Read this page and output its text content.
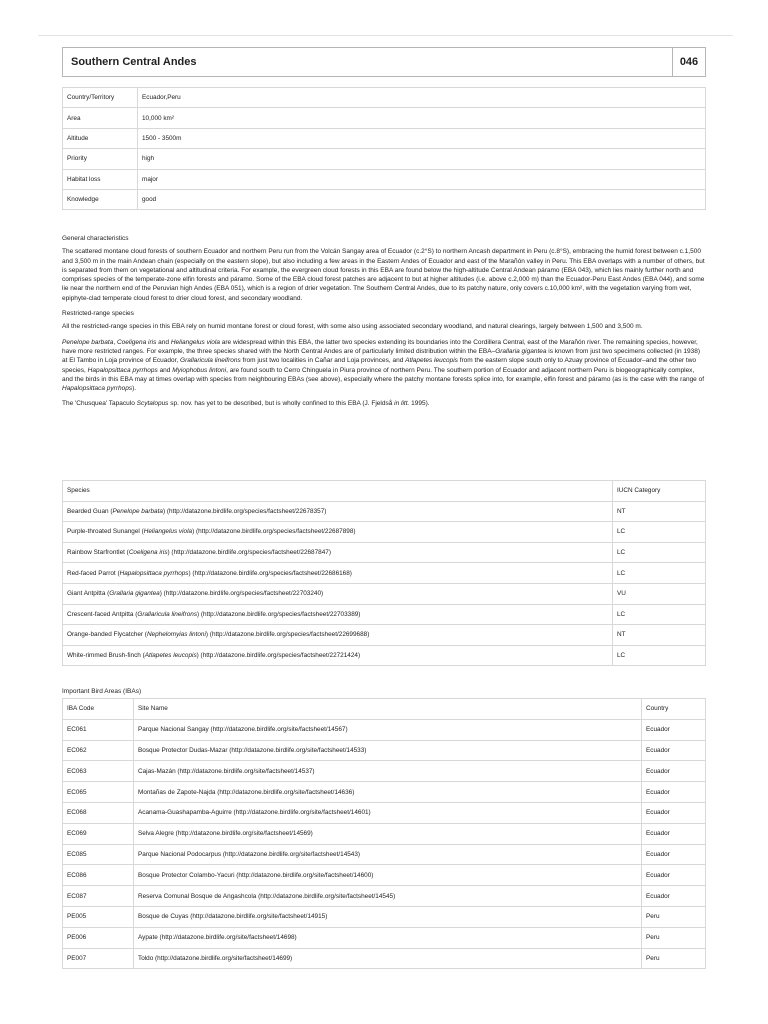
Southern Central Andes	046
Country/Territory	Ecuador,Peru
Area	10,000 km²
Altitude	1500 - 3500m
Priority	high
Habitat loss	major
Knowledge	good

General characteristics

The scattered montane cloud forests of southern Ecuador and northern Peru run from the Volcán Sangay area of Ecuador (c.2°S) to northern Ancash department in Peru (c.8°S), embracing the humid forest between c.1,500 and 3,500 m in the main Andean chain (especially on the eastern slope), but also including a few areas in the Eastern Andes of Ecuador and east of the Marañón valley in Peru. This EBA overlaps with a number of others, but is separated from them on vegetational and altitudinal criteria. For example, the evergreen cloud forests in this EBA are found below the high-altitude Central Andean páramo (EBA 043), which lies mainly further north and comprises species of the temperate-zone elfin forests and páramo. Some of the EBA cloud forest patches are adjacent to but at higher altitudes (i.e. above c.2,000 m) than the Ecuador-Peru East Andes (EBA 044), and some lie near the northern end of the Peruvian high Andes (EBA 051), which is a region of drier vegetation. The Southern Central Andes, due to its patchy nature, only covers c.10,000 km², with the vegetation varying from wet, epiphyte-clad temperate cloud forest to drier cloud forest, and secondary woodland.

Restricted-range species

All the restricted-range species in this EBA rely on humid montane forest or cloud forest, with some also using associated secondary woodland, and natural clearings, largely between 1,500 and 3,500 m.

Penelope barbata, Coeligena iris and Heliangelus viola are widespread within this EBA, the latter two species extending its boundaries into the Cordillera Central, east of the Marañón river. The remaining species, however, have more restricted ranges. For example, the three species shared with the North Central Andes are of particularly limited distribution within the EBA–Grallaria gigantea is known from just two specimens collected (in 1938) at El Tambo in Loja province of Ecuador, Grallaricula lineifrons from just two localities in Cañar and Loja provinces, and Atlapetes leucopis from the eastern slope south only to Azuay province of Ecuador–and the other two species, Hapalopsittaca pyrrhops and Myiophobus lintoni, are found south to Cerro Chinguela in Piura province of northern Peru. The southern portion of Ecuador and adjacent northern Peru is biogeographically complex, and the birds in this EBA may at times overlap with species from neighbouring EBAs (see above), especially where the patchy montane forests splice into, for example, elfin forest and páramo (as is the case with the range of Hapalopsittaca pyrrhops).

The 'Chusquea' Tapaculo Scytalopus sp. nov. has yet to be described, but is wholly confined to this EBA (J. Fjeldså in litt. 1995).

Species	IUCN Category
Bearded Guan (Penelope barbata) (http://datazone.birdlife.org/species/factsheet/22678357)	NT
Purple-throated Sunangel (Heliangelus viola) (http://datazone.birdlife.org/species/factsheet/22687898)	LC
Rainbow Starfrontlet (Coeligena iris) (http://datazone.birdlife.org/species/factsheet/22687847)	LC
Red-faced Parrot (Hapalopsittaca pyrrhops) (http://datazone.birdlife.org/species/factsheet/22686168)	LC
Giant Antpitta (Grallaria gigantea) (http://datazone.birdlife.org/species/factsheet/22703240)	VU
Crescent-faced Antpitta (Grallaricula lineifrons) (http://datazone.birdlife.org/species/factsheet/22703389)	LC
Orange-banded Flycatcher (Nephelomyias lintoni) (http://datazone.birdlife.org/species/factsheet/22699688)	NT
White-rimmed Brush-finch (Atlapetes leucopis) (http://datazone.birdlife.org/species/factsheet/22721424)	LC
Important Bird Areas (IBAs)
IBA Code	Site Name	Country
EC061	Parque Nacional Sangay (http://datazone.birdlife.org/site/factsheet/14567)	Ecuador
EC062	Bosque Protector Dudas-Mazar (http://datazone.birdlife.org/site/factsheet/14533)	Ecuador
EC063	Cajas-Mazán (http://datazone.birdlife.org/site/factsheet/14537)	Ecuador
EC065	Montañas de Zapote-Najda (http://datazone.birdlife.org/site/factsheet/14636)	Ecuador
EC068	Acanama-Guashapamba-Aguirre (http://datazone.birdlife.org/site/factsheet/14601)	Ecuador
EC069	Selva Alegre (http://datazone.birdlife.org/site/factsheet/14569)	Ecuador
EC085	Parque Nacional Podocarpus (http://datazone.birdlife.org/site/factsheet/14543)	Ecuador
EC086	Bosque Protector Colambo-Yacuri (http://datazone.birdlife.org/site/factsheet/14600)	Ecuador
EC087	Reserva Comunal Bosque de Angashcola (http://datazone.birdlife.org/site/factsheet/14545)	Ecuador
PE005	Bosque de Cuyas (http://datazone.birdlife.org/site/factsheet/14915)	Peru
PE006	Aypate (http://datazone.birdlife.org/site/factsheet/14698)	Peru
PE007	Toldo (http://datazone.birdlife.org/site/factsheet/14699)	Peru
